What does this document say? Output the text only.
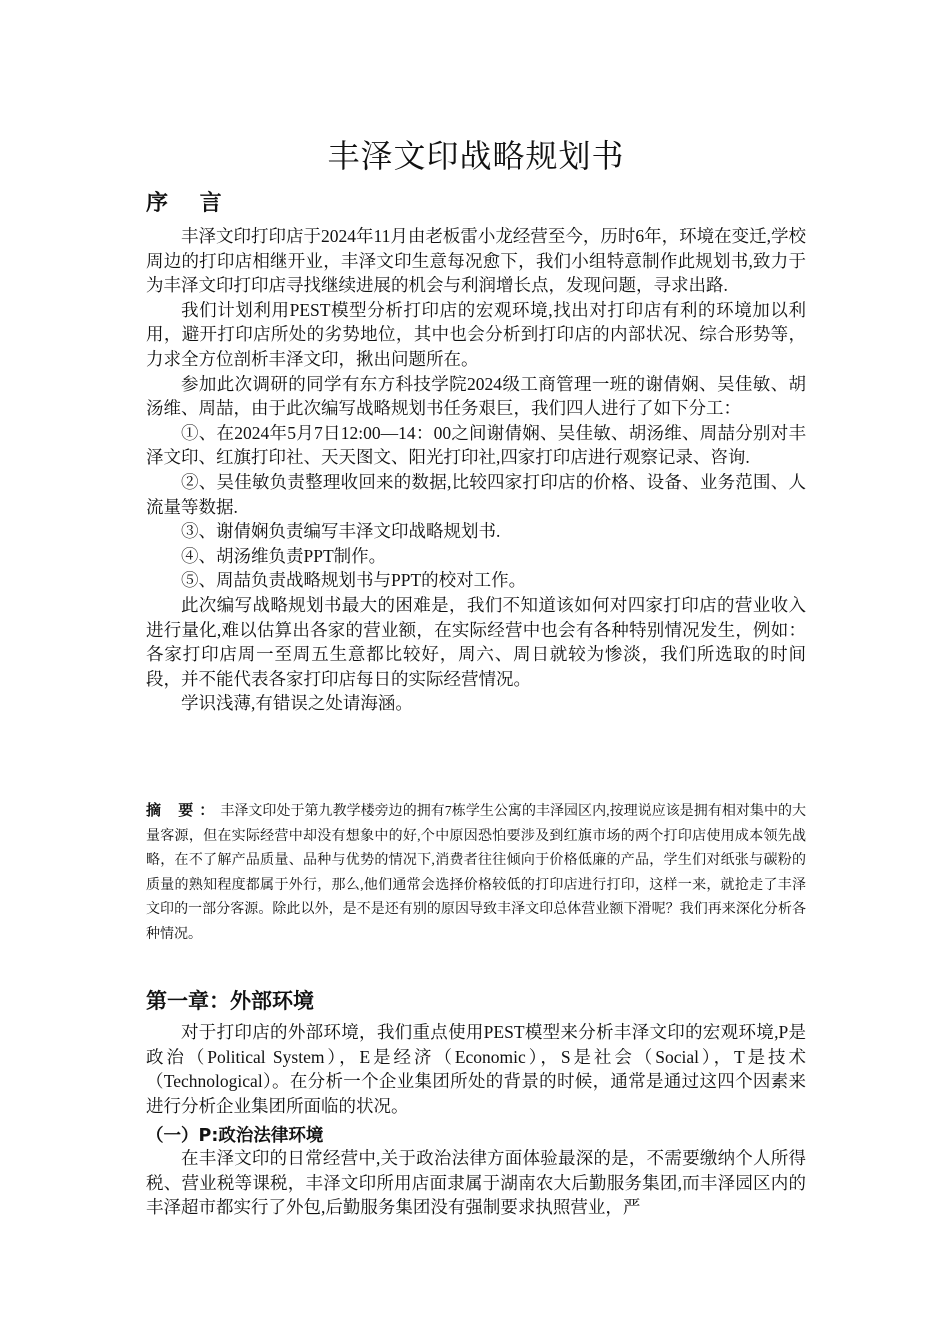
丰泽文印战略规划书
序 言

丰泽文印打印店于2024年11月由老板雷小龙经营至今，历时6年，环境在变迁,学校周边的打印店相继开业，丰泽文印生意每况愈下，我们小组特意制作此规划书,致力于为丰泽文印打印店寻找继续进展的机会与利润增长点，发现问题，寻求出路.

我们计划利用PEST模型分析打印店的宏观环境,找出对打印店有利的环境加以利用，避开打印店所处的劣势地位，其中也会分析到打印店的内部状况、综合形势等，力求全方位剖析丰泽文印，揪出问题所在。

参加此次调研的同学有东方科技学院2024级工商管理一班的谢倩娴、吴佳敏、胡汤维、周喆，由于此次编写战略规划书任务艰巨，我们四人进行了如下分工：

①、在2024年5月7日12:00—14：00之间谢倩娴、吴佳敏、胡汤维、周喆分别对丰泽文印、红旗打印社、天天图文、阳光打印社,四家打印店进行观察记录、咨询.

②、吴佳敏负责整理收回来的数据,比较四家打印店的价格、设备、业务范围、人流量等数据.

③、谢倩娴负责编写丰泽文印战略规划书.

④、胡汤维负责PPT制作。

⑤、周喆负责战略规划书与PPT的校对工作。

此次编写战略规划书最大的困难是，我们不知道该如何对四家打印店的营业收入进行量化,难以估算出各家的营业额，在实际经营中也会有各种特别情况发生，例如：各家打印店周一至周五生意都比较好，周六、周日就较为惨淡，我们所选取的时间段，并不能代表各家打印店每日的实际经营情况。

学识浅薄,有错误之处请海涵。

摘 要：丰泽文印处于第九教学楼旁边的拥有7栋学生公寓的丰泽园区内,按理说应该是拥有相对集中的大量客源，但在实际经营中却没有想象中的好,个中原因恐怕要涉及到红旗市场的两个打印店使用成本领先战略，在不了解产品质量、品种与优势的情况下,消费者往往倾向于价格低廉的产品，学生们对纸张与碳粉的质量的熟知程度都属于外行，那么,他们通常会选择价格较低的打印店进行打印，这样一来，就抢走了丰泽文印的一部分客源。除此以外，是不是还有别的原因导致丰泽文印总体营业额下滑呢？我们再来深化分析各种情况。

第一章：外部环境

对于打印店的外部环境，我们重点使用PEST模型来分析丰泽文印的宏观环境,P是政治（Political System），E是经济（Economic），S是社会（Social），T是技术（Technological）。在分析一个企业集团所处的背景的时候，通常是通过这四个因素来进行分析企业集团所面临的状况。

（一）P:政治法律环境

在丰泽文印的日常经营中,关于政治法律方面体验最深的是，不需要缴纳个人所得税、营业税等课税，丰泽文印所用店面隶属于湖南农大后勤服务集团,而丰泽园区内的丰泽超市都实行了外包,后勤服务集团没有强制要求执照营业，严
